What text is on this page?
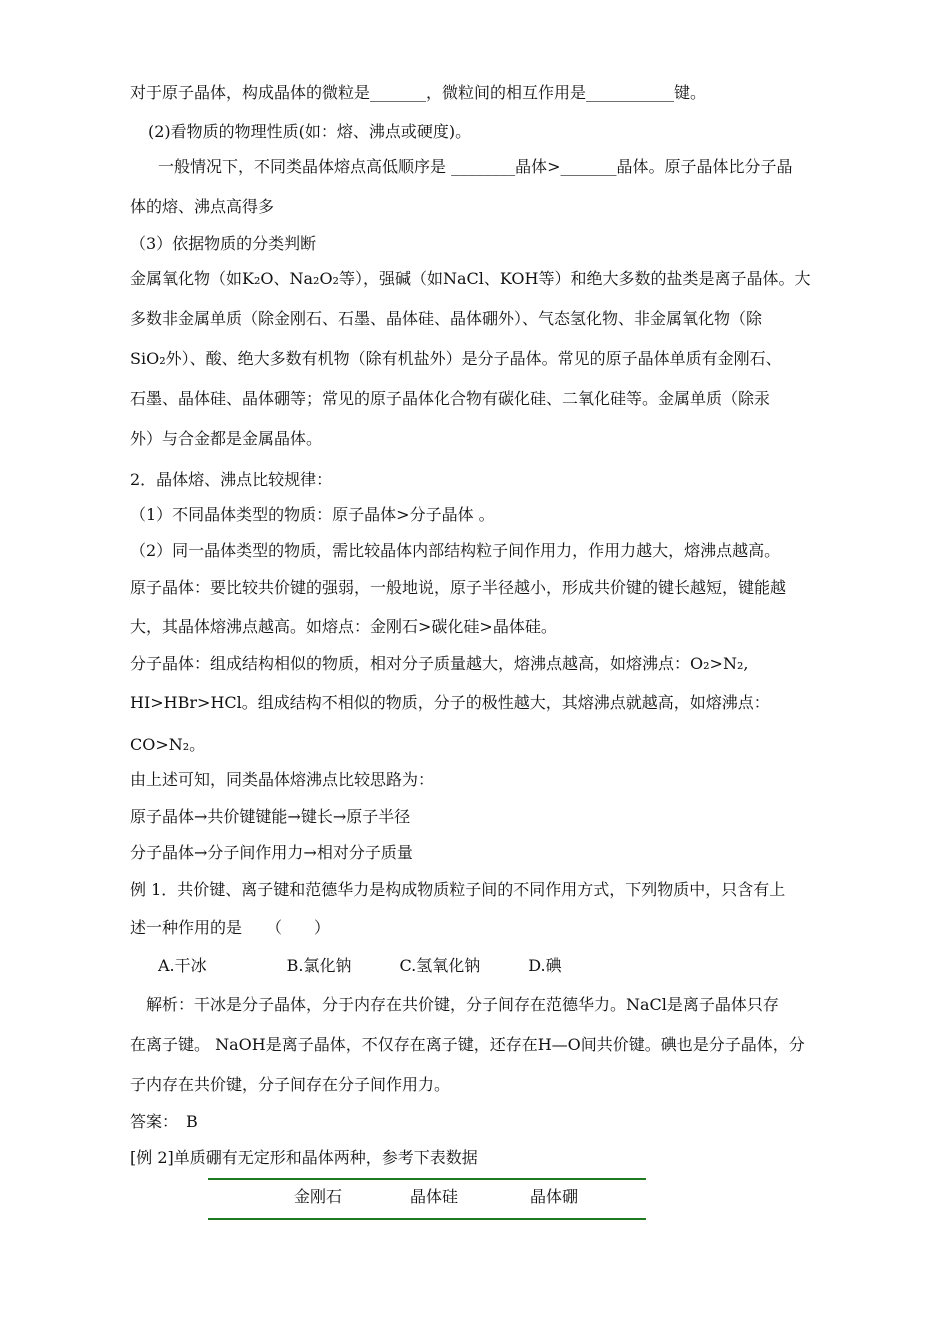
对于原子晶体，构成晶体的微粒是_______，微粒间的相互作用是___________键。
(2)看物质的物理性质(如：熔、沸点或硬度)。
一般情况下，不同类晶体熔点高低顺序是 ________晶体>_______晶体。原子晶体比分子晶
体的熔、沸点高得多
（3）依据物质的分类判断
金属氧化物（如K₂O、Na₂O₂等），强碱（如NaCl、KOH等）和绝大多数的盐类是离子晶体。大
多数非金属单质（除金刚石、石墨、晶体硅、晶体硼外）、气态氢化物、非金属氧化物（除
SiO₂外）、酸、绝大多数有机物（除有机盐外）是分子晶体。常见的原子晶体单质有金刚石、
石墨、晶体硅、晶体硼等；常见的原子晶体化合物有碳化硅、二氧化硅等。金属单质（除汞
外）与合金都是金属晶体。
2．晶体熔、沸点比较规律：
（1）不同晶体类型的物质：原子晶体>分子晶体 。
（2）同一晶体类型的物质，需比较晶体内部结构粒子间作用力，作用力越大，熔沸点越高。
原子晶体：要比较共价键的强弱，一般地说，原子半径越小，形成共价键的键长越短，键能越
大，其晶体熔沸点越高。如熔点：金刚石>碳化硅>晶体硅。
分子晶体：组成结构相似的物质，相对分子质量越大，熔沸点越高，如熔沸点：O₂>N₂,
HI>HBr>HCl。组成结构不相似的物质，分子的极性越大，其熔沸点就越高，如熔沸点：
CO>N₂。
由上述可知，同类晶体熔沸点比较思路为：
原子晶体→共价键键能→键长→原子半径
分子晶体→分子间作用力→相对分子质量
例 1．共价键、离子键和范德华力是构成物质粒子间的不同作用方式，下列物质中，只含有上
述一种作用的是　　（　　）
A.干冰　　　　　B.氯化钠　　　C.氢氧化钠　　　D.碘
解析：干冰是分子晶体，分于内存在共价键，分子间存在范德华力。NaCl是离子晶体只存
在离子键。 NaOH是离子晶体，不仅存在离子键，还存在H—O间共价键。碘也是分子晶体，分
子内存在共价键，分子间存在分子间作用力。
答案：　B
[例 2]单质硼有无定形和晶体两种，参考下表数据
金刚石	晶体硅	晶体硼
